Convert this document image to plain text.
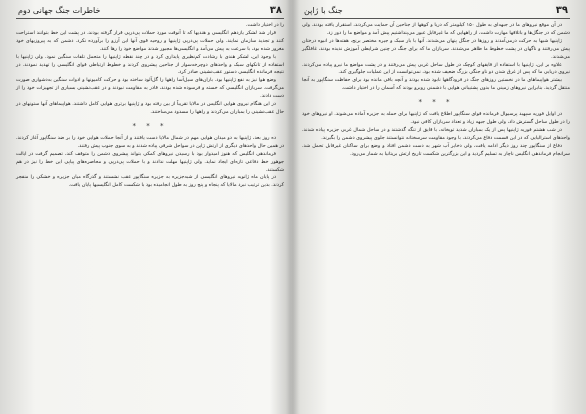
۳۸
خاطرات جنگ جهانی دوم

را در اختیار داشت.

قرار شد لشکر یازدهم انگلیسی و هندیها که تا آنوقت مورد حملات پی‌درپی قرار گرفته بودند، در پشت این خط بتوانند استراحت کنند و تجدید سازمان نمایند. ولی حملات پی‌درپی ژاپنیها و روحیه قوی آنها این آرزو را برآورده نکرد. دشمن که به پیروزیهای خود مغرور شده بود، با سرعت به پیش می‌آمد و انگلیسی‌ها مجبور شدند مواضع خود را رها کنند.

با وجود این، لشکر هندی با رشادت کم‌نظیری پایداری کرد و در چند نقطه ژاپنیها را متحمل تلفات سنگین نمود. ولی ژاپنیها با استفاده از تانکهای سبک و واحدهای دوچرخه‌سوار از جناحین پیشروی کردند و خطوط ارتباطی قوای انگلیسی را تهدید نمودند. در نتیجه فرمانده انگلیسی دستور عقب‌نشینی صادر کرد.

وضع هوا نیز به نفع ژاپنیها بود. باران‌های سیل‌آسا راهها را گل‌آلود ساخته بود و حرکت کامیونها و ادوات سنگین به‌دشواری صورت می‌گرفت. سربازان انگلیسی که خسته و فرسوده شده بودند، قادر به مقاومت نبودند و در عقب‌نشینی بسیاری از تجهیزات خود را از دست دادند.

در این هنگام نیروی هوایی انگلیس در مالایا تقریباً از بین رفته بود و ژاپنیها برتری هوایی کامل داشتند. هواپیماهای آنها ستونهای در حال عقب‌نشینی را بمباران می‌کردند و راهها را مسدود می‌ساختند.

* * *

ده روز بعد، ژاپنیها به دو میدان هوایی مهم در شمال مالایا دست یافتند و از آنجا حملات هوایی خود را بر ضد سنگاپور آغاز کردند. در همین حال واحدهای دیگری از ارتش ژاپن در سواحل شرقی پیاده شدند و به سوی جنوب پیش رفتند.

فرماندهی انگلیس که هنوز امیدوار بود با رسیدن نیروهای کمکی بتواند پیشروی دشمن را متوقف کند، تصمیم گرفت در ایالت جوهور خط دفاعی تازه‌ای ایجاد نماید. ولی ژاپنیها مهلت ندادند و با حملات پی‌درپی و محاصره‌های پیاپی این خط را نیز در هم شکستند.

در پایان ماه ژانویه نیروهای انگلیسی از شبه‌جزیره به جزیره سنگاپور عقب نشستند و گذرگاه میان جزیره و خشکی را منفجر کردند. بدین ترتیب نبرد مالایا که پنجاه و پنج روز به طول انجامیده بود با شکست کامل انگلیسیها پایان یافت.

۳۹
جنگ با ژاپن

در آن موقع نیروهای ما در جبهه‌ای به طول ۱۵۰ کیلومتر که دریا و کوهها از جناحین آن حمایت می‌کردند، استقرار یافته بودند. ولی دشمن که در جنگل‌ها و باتلاقها مهارت داشت، از راههایی که ما غیرقابل عبور می‌پنداشتیم پیش آمد و مواضع ما را دور زد.

ژاپنیها شبها به حرکت درمی‌آمدند و روزها در جنگل پنهان می‌شدند. آنها با بار سبک و جیره مختصر برنج، هفته‌ها در انبوه درختان پیش می‌رفتند و ناگهان در پشت خطوط ما ظاهر می‌شدند. سربازان ما که برای جنگ در چنین شرایطی آموزش ندیده بودند، غافلگیر می‌شدند.

علاوه بر این، ژاپنیها با استفاده از قایقهای کوچک در طول ساحل غربی پیش می‌رفتند و در پشت مواضع ما نیرو پیاده می‌کردند. نیروی دریایی ما که پس از غرق شدن دو ناو جنگی بزرگ ضعیف شده بود، نمی‌توانست از این عملیات جلوگیری کند.

بیشتر هواپیماهای ما در نخستین روزهای جنگ در فرودگاهها نابود شده بودند و آنچه باقی مانده بود برای حفاظت سنگاپور به آنجا منتقل گردید. بنابراین نیروهای زمینی ما بدون پشتیبانی هوایی با دشمنی روبرو بودند که آسمان را در اختیار داشت.

* * *

در اوایل فوریه سپهبد پرسیوال فرمانده قوای سنگاپور اطلاع یافت که ژاپنیها برای حمله به جزیره آماده می‌شوند. او نیروهای خود را در طول ساحل گسترش داد، ولی طول جبهه زیاد و تعداد سربازان کافی نبود.

در شب هشتم فوریه ژاپنیها پس از یک بمباران شدید توپخانه، با قایق از تنگه گذشتند و در ساحل شمال غربی جزیره پیاده شدند. واحدهای استرالیایی که در این قسمت دفاع می‌کردند، با وجود مقاومت سرسختانه نتوانستند جلوی پیشروی دشمن را بگیرند.

دفاع از سنگاپور چند روز دیگر ادامه یافت، ولی ذخایر آب شهر به دست دشمن افتاد و وضع برای ساکنان غیرقابل تحمل شد. سرانجام فرماندهی انگلیس ناچار به تسلیم گردید و این بزرگترین شکست تاریخ ارتش بریتانیا به شمار می‌رود.
